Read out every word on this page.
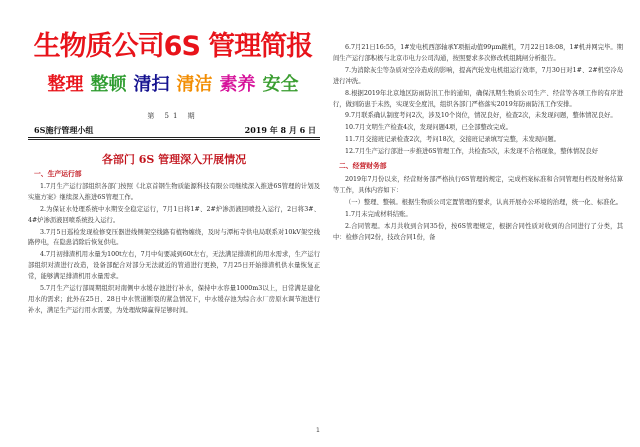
生物质公司6S 管理简报
整理 整顿 清扫 清洁 素养 安全
第 51 期
6S施行管理小组	2019 年 8 月 6 日
各部门 6S 管理深入开展情况

一、生产运行部

1.7月生产运行部组织各部门按照《北京首钢生物质能源科技有限公司继续深入推进6S管理的计划及实施方案》继续深入推进6S管理工作。

2.为保证水处理系统中水期安全稳定运行，7月1日将1#、2#炉渗沥液回喷投入运行，2日将3#、4#炉渗沥液回喷系统投入运行。

3.7月5日巡检发现检修变压器进线侧架空线路有植物缠绕，及时与潭柘寺供电局联系对10kV架空线路停电，在隐患消除后恢复供电。

4.7月初排渣机用水量为100t左右，7月中旬要减到60t左右，无法满足排渣机的用水需求，生产运行部组织对渣进行改造，设备部配合对部分无法就近的管道进行更换，7月25日开始排渣机供水量恢复正常，能够满足排渣机用水量需求。

5.7月生产运行部周期组织对南侧中水缓存池进行补水，保持中水容量1000m3以上，日常满足建化用水的需求；此外在25日、28日中水管道断裂的紧急情况下，中水缓存池为综合水厂房原水调节池进行补水，满足生产运行用水需要，为处理故障赢得足够时间。

6.7月21日16:55，1#发电机西部轴承Y项振动值99μm跳机，7月22日18:08，1#机并网完毕。期间生产运行部积极与北京市电力公司沟通，按照要求多次修改机组跳闸分析报告。

7.为消除灰尘等杂质对空冷造成的影响，提高汽轮发电机组运行效率，7月30日对1#、2#机空冷岛进行冲洗。

8.根据2019年北京地区防雨防汛工作的通知，确保汛期生物质公司生产、经营等各项工作的有序进行，做到防患于未然，实现安全度汛，组织各部门严格落实2019年防雨防汛工作安排。

9.7月联系确认制度考问2次，涉及10个岗位，情况良好，检查2次，未发现问题，整体情况良好。

10.7月文明生产检查4次，发现问题4项，已全部整改完成。

11.7月交接班记录检查2次，考问18次，交接班记录填写完整，未发现问题。

12.7月生产运行部进一步推进6S管理工作，共检查5次，未发现不合格现象，整体情况良好

二、经营财务部

2019年7月份以来，经营财务部严格执行6S管理的规定，完成档案标准和合同管理归档及财务结算等工作，具体内容如下：

（一）整理、整顿。根据生物质公司定置管理的要求，认真开展办公环境的治理，统一化、标准化。

1.7月未完成材料结账。

2.合同管理。本月共收到合同35份，按6S管理规定，根据合同性质对收到的合同进行了分类，其中：检修合同2份，技改合同1份，备

1
